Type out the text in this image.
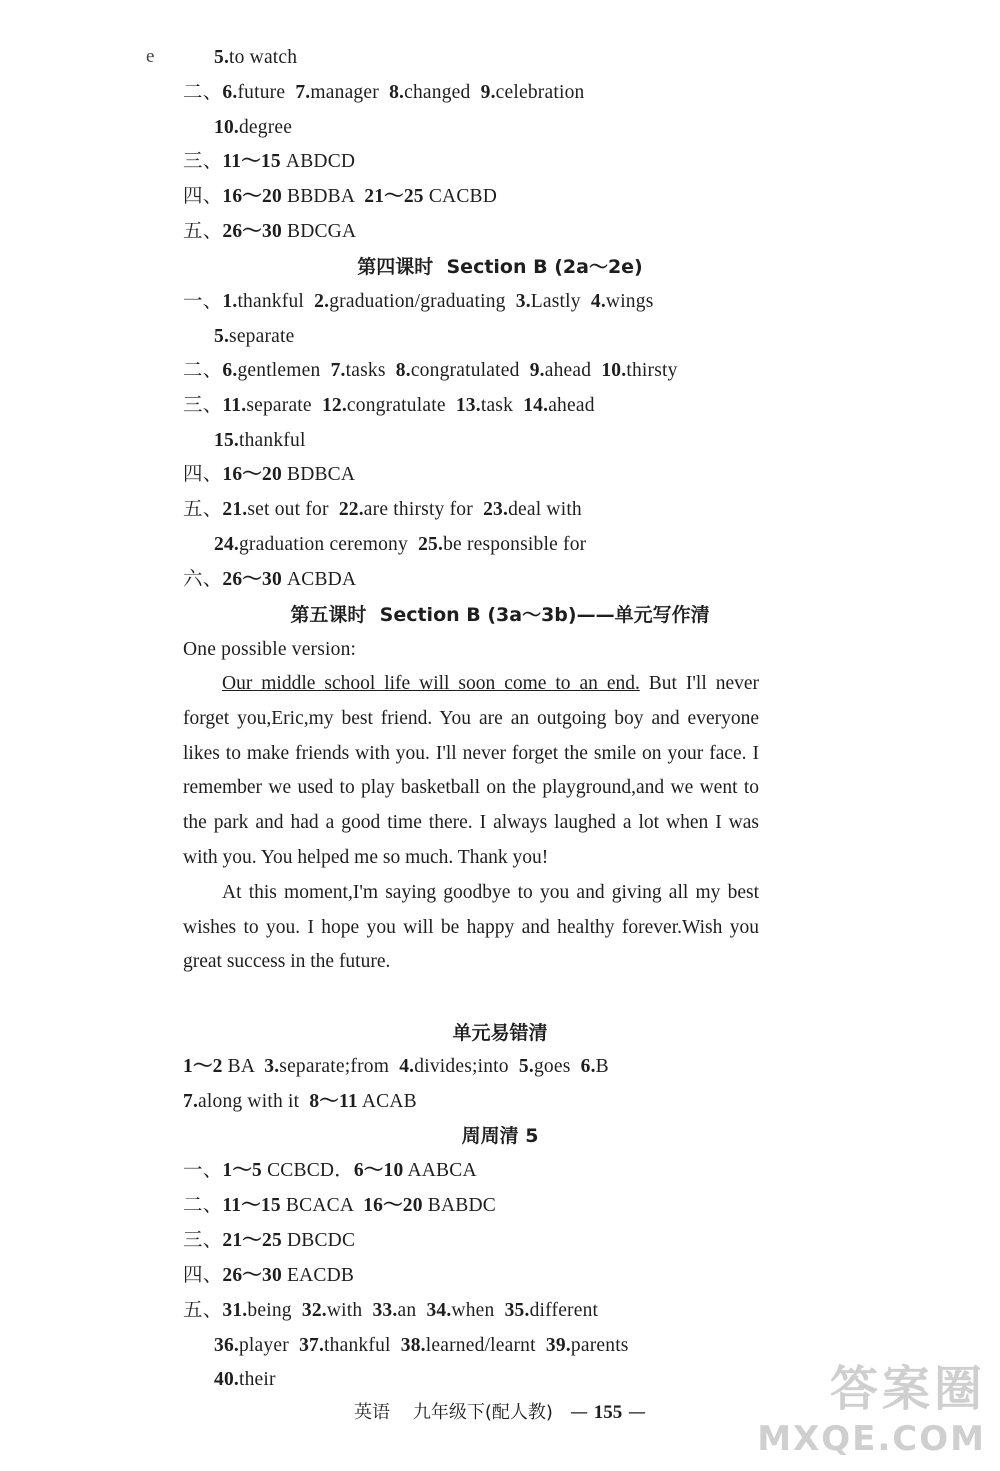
e	5.to watch
二、6.future  7.manager  8.changed  9.celebration
10.degree
三、11～15 ABDCD
四、16～20 BBDBA  21～25 CACBD
五、26～30 BDCGA
第四课时  Section B (2a～2e)
一、1.thankful  2.graduation/graduating  3.Lastly  4.wings
5.separate
二、6.gentlemen  7.tasks  8.congratulated  9.ahead  10.thirsty
三、11.separate  12.congratulate  13.task  14.ahead
15.thankful
四、16～20 BDBCA
五、21.set out for  22.are thirsty for  23.deal with
24.graduation ceremony  25.be responsible for
六、26～30 ACBDA
第五课时  Section B (3a～3b)——单元写作清
One possible version:

Our middle school life will soon come to an end. But I'll never forget you,Eric,my best friend. You are an outgoing boy and everyone likes to make friends with you. I'll never forget the smile on your face. I remember we used to play basketball on the playground,and we went to the park and had a good time there. I always laughed a lot when I was with you. You helped me so much. Thank you!

At this moment,I'm saying goodbye to you and giving all my best wishes to you. I hope you will be happy and healthy forever.Wish you great success in the future.

单元易错清
1～2 BA  3.separate;from  4.divides;into  5.goes  6.B
7.along with it  8～11 ACAB
周周清 5
一、1～5 CCBCD．6～10 AABCA
二、11～15 BCACA  16～20 BABDC
三、21～25 DBCDC
四、26～30 EACDB
五、31.being  32.with  33.an  34.when  35.different
36.player  37.thankful  38.learned/learnt  39.parents
40.their
英语 九年级下(配人教)   — 155 —	答案圈
MXQE.COM
